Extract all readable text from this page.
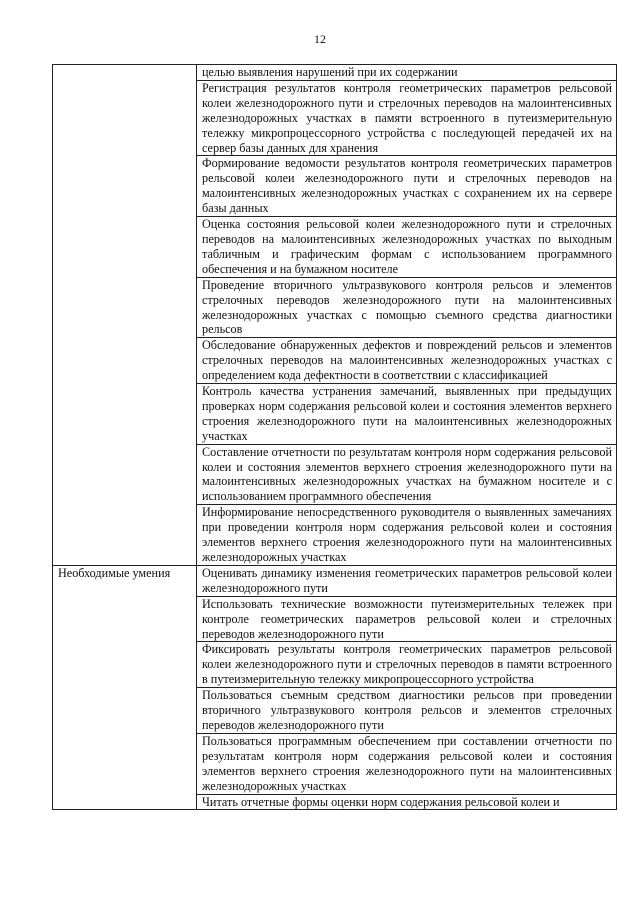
12
	целью выявления нарушений при их содержании
	Регистрация результатов контроля геометрических параметров рельсовой колеи железнодорожного пути и стрелочных переводов на малоинтенсивных железнодорожных участках в памяти встроенного в путеизмерительную тележку микропроцессорного устройства с последующей передачей их на сервер базы данных для хранения
	Формирование ведомости результатов контроля геометрических параметров рельсовой колеи железнодорожного пути и стрелочных переводов на малоинтенсивных железнодорожных участках с сохранением их на сервере базы данных
	Оценка состояния рельсовой колеи железнодорожного пути и стрелочных переводов на малоинтенсивных железнодорожных участках по выходным табличным и графическим формам с использованием программного обеспечения и на бумажном носителе
	Проведение вторичного ультразвукового контроля рельсов и элементов стрелочных переводов железнодорожного пути на малоинтенсивных железнодорожных участках с помощью съемного средства диагностики рельсов
	Обследование обнаруженных дефектов и повреждений рельсов и элементов стрелочных переводов на малоинтенсивных железнодорожных участках с определением кода дефектности в соответствии с классификацией
	Контроль качества устранения замечаний, выявленных при предыдущих проверках норм содержания рельсовой колеи и состояния элементов верхнего строения железнодорожного пути на малоинтенсивных железнодорожных участках
	Составление отчетности по результатам контроля норм содержания рельсовой колеи и состояния элементов верхнего строения железнодорожного пути на малоинтенсивных железнодорожных участках на бумажном носителе и с использованием программного обеспечения
	Информирование непосредственного руководителя о выявленных замечаниях при проведении контроля норм содержания рельсовой колеи и состояния элементов верхнего строения железнодорожного пути на малоинтенсивных железнодорожных участках
Необходимые умения	Оценивать динамику изменения геометрических параметров рельсовой колеи железнодорожного пути
	Использовать технические возможности путеизмерительных тележек при контроле геометрических параметров рельсовой колеи и стрелочных переводов железнодорожного пути
	Фиксировать результаты контроля геометрических параметров рельсовой колеи железнодорожного пути и стрелочных переводов в памяти встроенного в путеизмерительную тележку микропроцессорного устройства
	Пользоваться съемным средством диагностики рельсов при проведении вторичного ультразвукового контроля рельсов и элементов стрелочных переводов железнодорожного пути
	Пользоваться программным обеспечением при составлении отчетности по результатам контроля норм содержания рельсовой колеи и состояния элементов верхнего строения железнодорожного пути на малоинтенсивных железнодорожных участках
	Читать отчетные формы оценки норм содержания рельсовой колеи и
